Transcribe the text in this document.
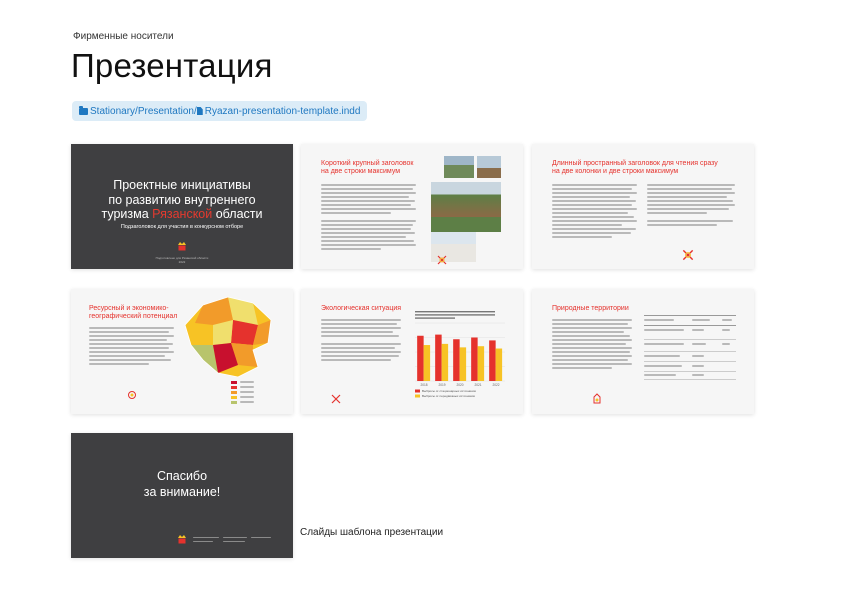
Фирменные носители
Презентация
Stationary/ Presentation/ Ryazan-presentation-template.indd
Проектные инициативы
по развитию внутреннего
туризма Рязанской области
Подзаголовок для участия в конкурсном отборе
Подготовлено для Рязанской области
2022
Короткий крупный заголовок
на две строки максимум
Длинный пространный заголовок для чтения сразу
на две колонки и две строки максимум
Ресурсный и экономико-
географический потенциал
Экологическая ситуация
2018	2019	2020	2021	2022
Выбросы от стационарных источников
Выбросы от передвижных источников
Природные территории
Спасибо
за внимание!
Слайды шаблона презентации
